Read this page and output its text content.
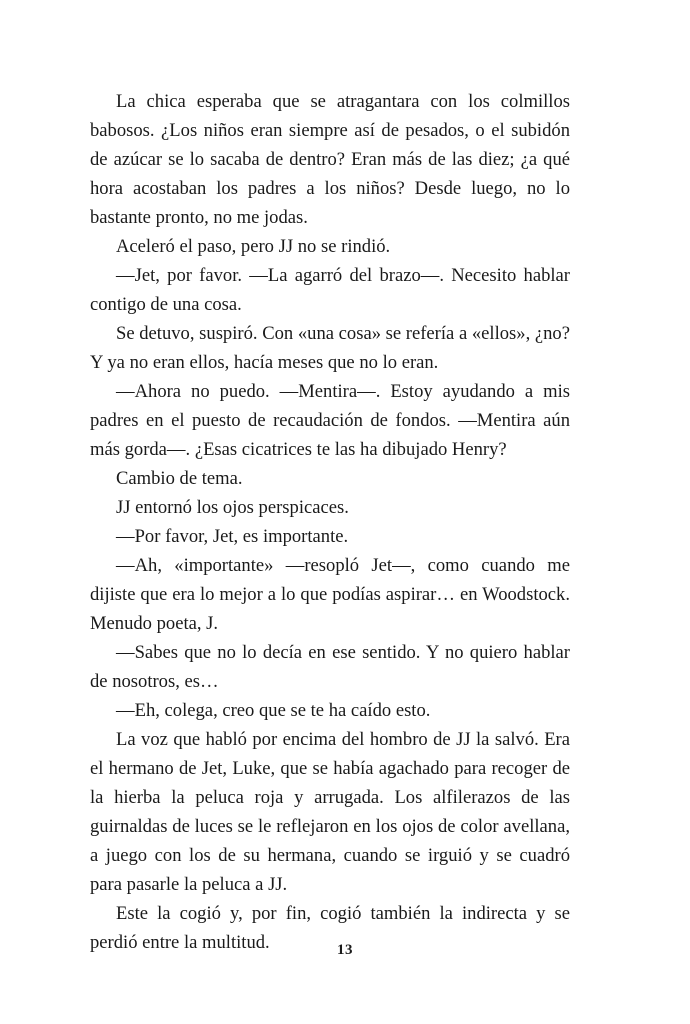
La chica esperaba que se atragantara con los colmillos babosos. ¿Los niños eran siempre así de pesados, o el subidón de azúcar se lo sacaba de dentro? Eran más de las diez; ¿a qué hora acostaban los padres a los niños? Desde luego, no lo bastante pronto, no me jodas.

Aceleró el paso, pero JJ no se rindió.

—Jet, por favor. —La agarró del brazo—. Necesito hablar contigo de una cosa.

Se detuvo, suspiró. Con «una cosa» se refería a «ellos», ¿no? Y ya no eran ellos, hacía meses que no lo eran.

—Ahora no puedo. —Mentira—. Estoy ayudando a mis padres en el puesto de recaudación de fondos. —Mentira aún más gorda—. ¿Esas cicatrices te las ha dibujado Henry?

Cambio de tema.

JJ entornó los ojos perspicaces.

—Por favor, Jet, es importante.

—Ah, «importante» —resopló Jet—, como cuando me dijiste que era lo mejor a lo que podías aspirar… en Woodstock. Menudo poeta, J.

—Sabes que no lo decía en ese sentido. Y no quiero hablar de nosotros, es…

—Eh, colega, creo que se te ha caído esto.

La voz que habló por encima del hombro de JJ la salvó. Era el hermano de Jet, Luke, que se había agachado para recoger de la hierba la peluca roja y arrugada. Los alfilerazos de las guirnaldas de luces se le reflejaron en los ojos de color avellana, a juego con los de su hermana, cuando se irguió y se cuadró para pasarle la peluca a JJ.

Este la cogió y, por fin, cogió también la indirecta y se perdió entre la multitud.	13
